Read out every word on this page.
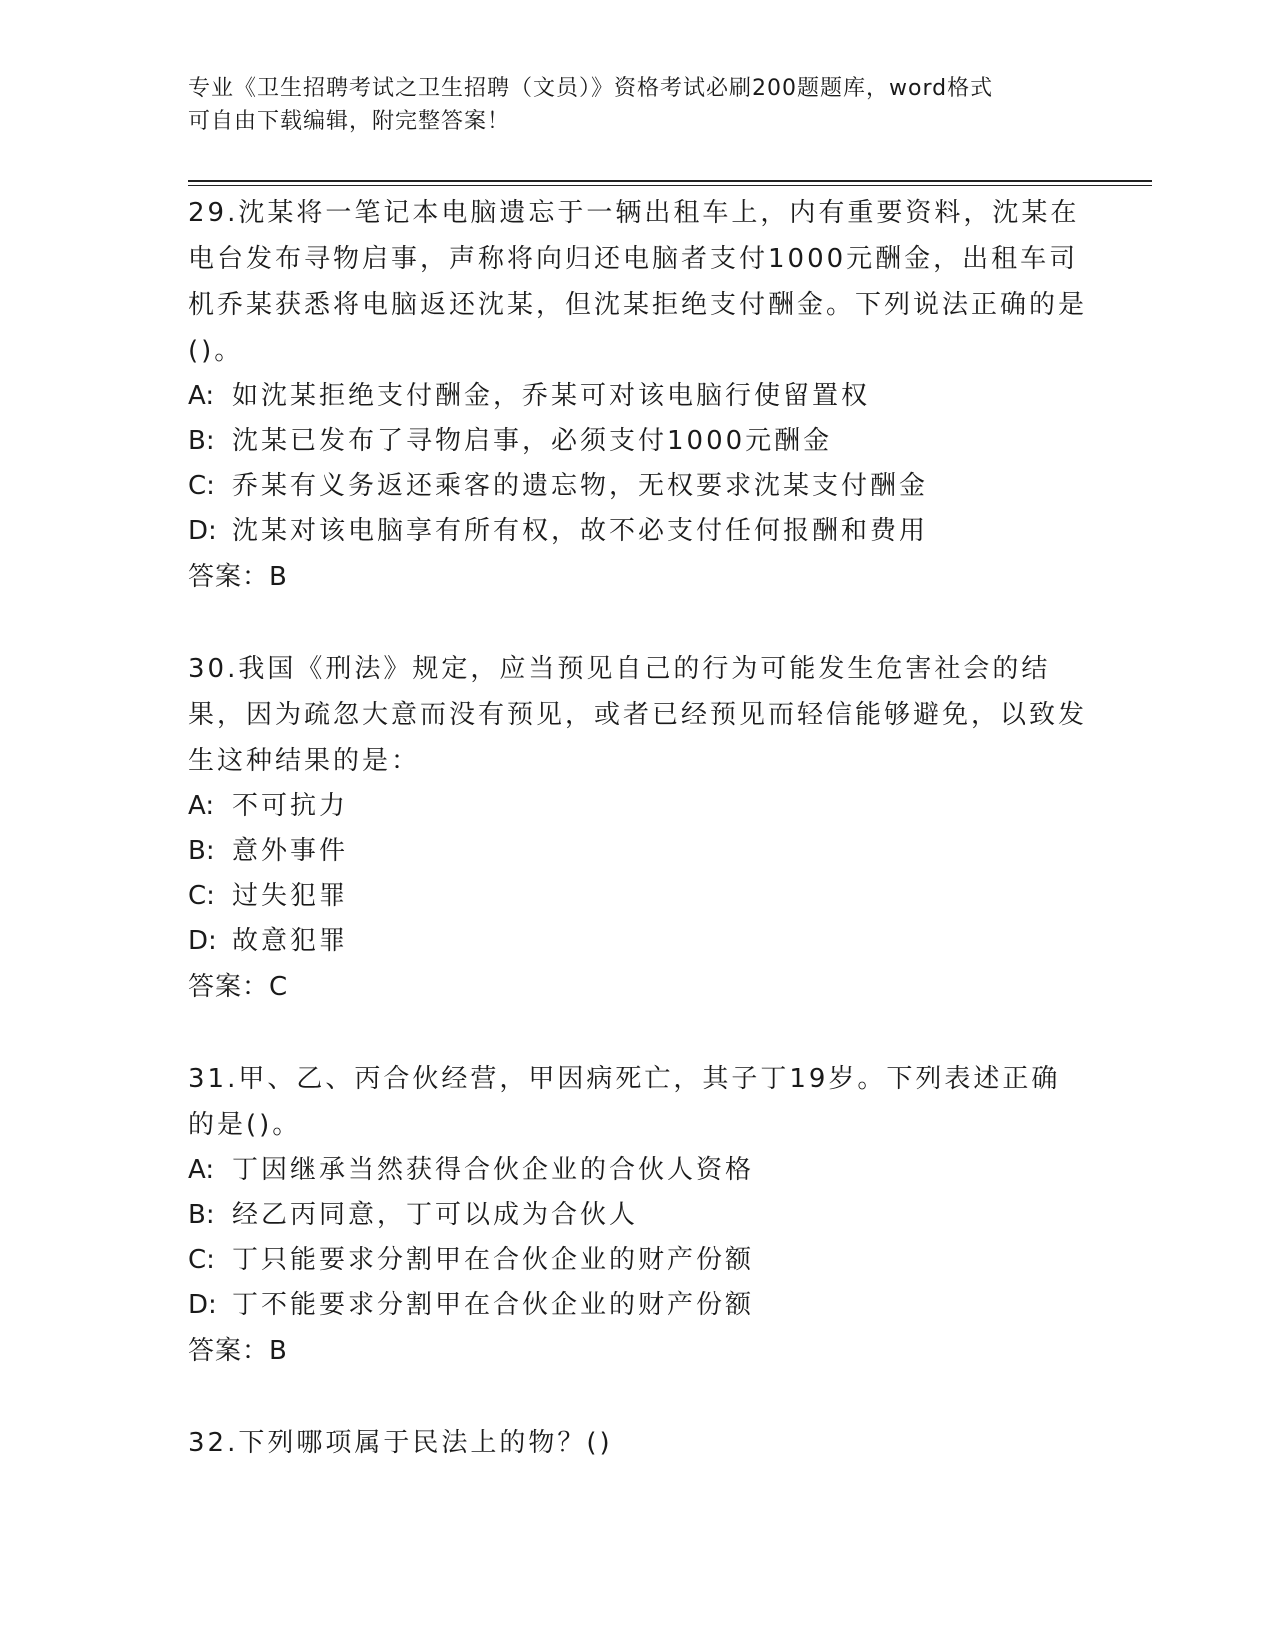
专业《卫生招聘考试之卫生招聘（文员）》资格考试必刷200题题库，word格式
可自由下载编辑，附完整答案！

29.沈某将一笔记本电脑遗忘于一辆出租车上，内有重要资料，沈某在电台发布寻物启事，声称将向归还电脑者支付1000元酬金，出租车司机乔某获悉将电脑返还沈某，但沈某拒绝支付酬金。下列说法正确的是()。

A: 如沈某拒绝支付酬金，乔某可对该电脑行使留置权

B: 沈某已发布了寻物启事，必须支付1000元酬金

C: 乔某有义务返还乘客的遗忘物，无权要求沈某支付酬金

D: 沈某对该电脑享有所有权，故不必支付任何报酬和费用

答案：B

30.我国《刑法》规定，应当预见自己的行为可能发生危害社会的结果，因为疏忽大意而没有预见，或者已经预见而轻信能够避免，以致发生这种结果的是：

A: 不可抗力

B: 意外事件

C: 过失犯罪

D: 故意犯罪

答案：C

31.甲、乙、丙合伙经营，甲因病死亡，其子丁19岁。下列表述正确的是()。

A: 丁因继承当然获得合伙企业的合伙人资格

B: 经乙丙同意，丁可以成为合伙人

C: 丁只能要求分割甲在合伙企业的财产份额

D: 丁不能要求分割甲在合伙企业的财产份额

答案：B

32.下列哪项属于民法上的物？()
